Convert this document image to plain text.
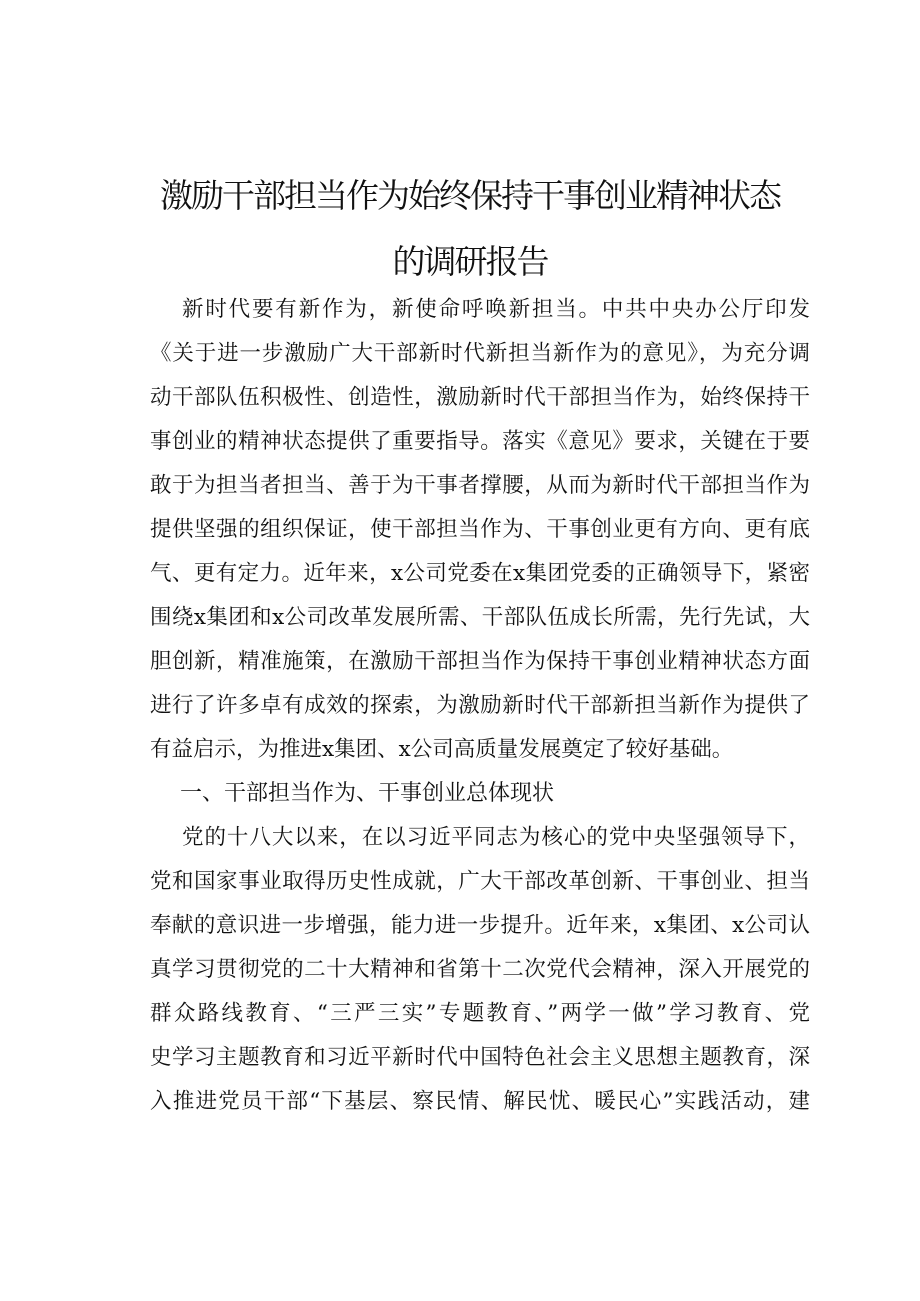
激励干部担当作为始终保持干事创业精神状态
的调研报告
新时代要有新作为，新使命呼唤新担当。中共中央办公厅印发
《关于进一步激励广大干部新时代新担当新作为的意见》，为充分调
动干部队伍积极性、创造性，激励新时代干部担当作为，始终保持干
事创业的精神状态提供了重要指导。落实《意见》要求，关键在于要
敢于为担当者担当、善于为干事者撑腰，从而为新时代干部担当作为
提供坚强的组织保证，使干部担当作为、干事创业更有方向、更有底
气、更有定力。近年来，x公司党委在x集团党委的正确领导下，紧密
围绕x集团和x公司改革发展所需、干部队伍成长所需，先行先试，大
胆创新，精准施策，在激励干部担当作为保持干事创业精神状态方面
进行了许多卓有成效的探索，为激励新时代干部新担当新作为提供了
有益启示，为推进x集团、x公司高质量发展奠定了较好基础。
一、干部担当作为、干事创业总体现状
党的十八大以来，在以习近平同志为核心的党中央坚强领导下，
党和国家事业取得历史性成就，广大干部改革创新、干事创业、担当
奉献的意识进一步增强，能力进一步提升。近年来，x集团、x公司认
真学习贯彻党的二十大精神和省第十二次党代会精神，深入开展党的
群众路线教育、“三严三实”专题教育、”两学一做”学习教育、党
史学习主题教育和习近平新时代中国特色社会主义思想主题教育，深
入推进党员干部“下基层、察民情、解民忧、暖民心”实践活动，建
